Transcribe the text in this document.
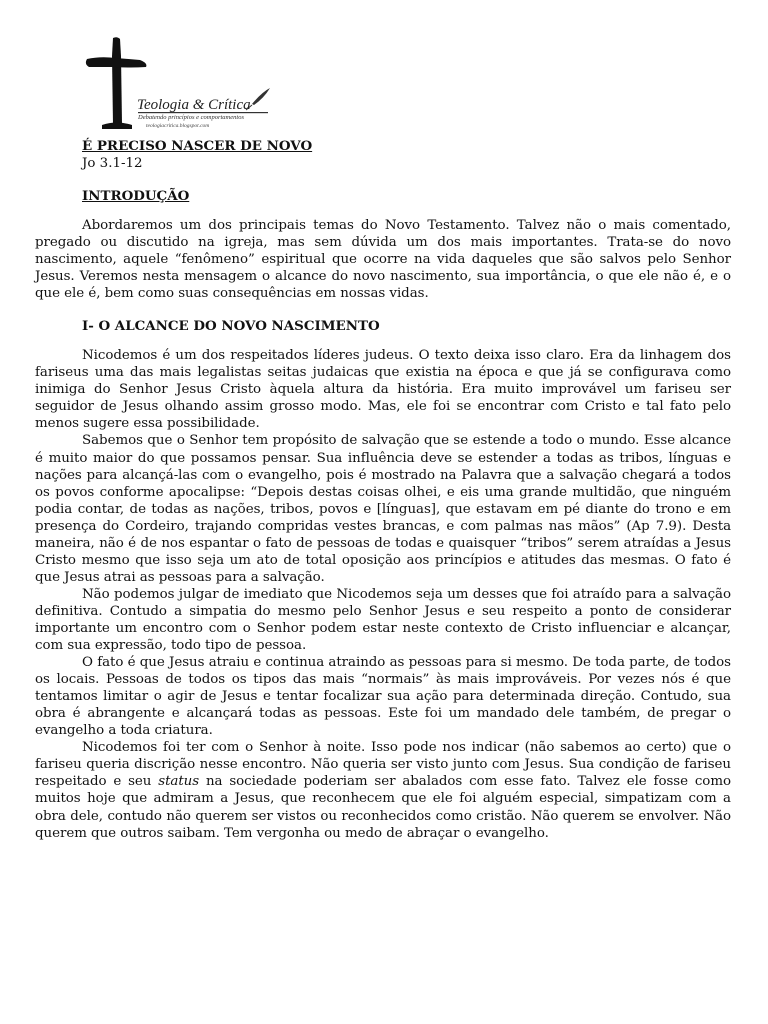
Teologia & Crítica
Debatendo princípios e comportamentos
teologiacritica.blogspot.com
É PRECISO NASCER DE NOVO
Jo 3.1-12
INTRODUÇÃO

Abordaremos um dos principais temas do Novo Testamento. Talvez não o mais comentado, pregado ou discutido na igreja, mas sem dúvida um dos mais importantes. Trata-se do novo nascimento, aquele “fenômeno” espiritual que ocorre na vida daqueles que são salvos pelo Senhor Jesus. Veremos nesta mensagem o alcance do novo nascimento, sua importância, o que ele não é, e o que ele é, bem como suas consequências em nossas vidas.

I- O ALCANCE DO NOVO NASCIMENTO

Nicodemos é um dos respeitados líderes judeus. O texto deixa isso claro. Era da linhagem dos fariseus uma das mais legalistas seitas judaicas que existia na época e que já se configurava como inimiga do Senhor Jesus Cristo àquela altura da história. Era muito improvável um fariseu ser seguidor de Jesus olhando assim grosso modo. Mas, ele foi se encontrar com Cristo e tal fato pelo menos sugere essa possibilidade.

Sabemos que o Senhor tem propósito de salvação que se estende a todo o mundo. Esse alcance é muito maior do que possamos pensar. Sua influência deve se estender a todas as tribos, línguas e nações para alcançá-las com o evangelho, pois é mostrado na Palavra que a salvação chegará a todos os povos conforme apocalipse: “Depois destas coisas olhei, e eis uma grande multidão, que ninguém podia contar, de todas as nações, tribos, povos e [línguas], que estavam em pé diante do trono e em presença do Cordeiro, trajando compridas vestes brancas, e com palmas nas mãos” (Ap 7.9). Desta maneira, não é de nos espantar o fato de pessoas de todas e quaisquer “tribos” serem atraídas a Jesus Cristo mesmo que isso seja um ato de total oposição aos princípios e atitudes das mesmas. O fato é que Jesus atrai as pessoas para a salvação.

Não podemos julgar de imediato que Nicodemos seja um desses que foi atraído para a salvação definitiva. Contudo a simpatia do mesmo pelo Senhor Jesus e seu respeito a ponto de considerar importante um encontro com o Senhor podem estar neste contexto de Cristo influenciar e alcançar, com sua expressão, todo tipo de pessoa.

O fato é que Jesus atraiu e continua atraindo as pessoas para si mesmo. De toda parte, de todos os locais. Pessoas de todos os tipos das mais “normais” às mais improváveis. Por vezes nós é que tentamos limitar o agir de Jesus e tentar focalizar sua ação para determinada direção. Contudo, sua obra é abrangente e alcançará todas as pessoas. Este foi um mandado dele também, de pregar o evangelho a toda criatura.

Nicodemos foi ter com o Senhor à noite. Isso pode nos indicar (não sabemos ao certo) que o fariseu queria discrição nesse encontro. Não queria ser visto junto com Jesus. Sua condição de fariseu respeitado e seu status na sociedade poderiam ser abalados com esse fato. Talvez ele fosse como muitos hoje que admiram a Jesus, que reconhecem que ele foi alguém especial, simpatizam com a obra dele, contudo não querem ser vistos ou reconhecidos como cristão. Não querem se envolver. Não querem que outros saibam. Tem vergonha ou medo de abraçar o evangelho.
